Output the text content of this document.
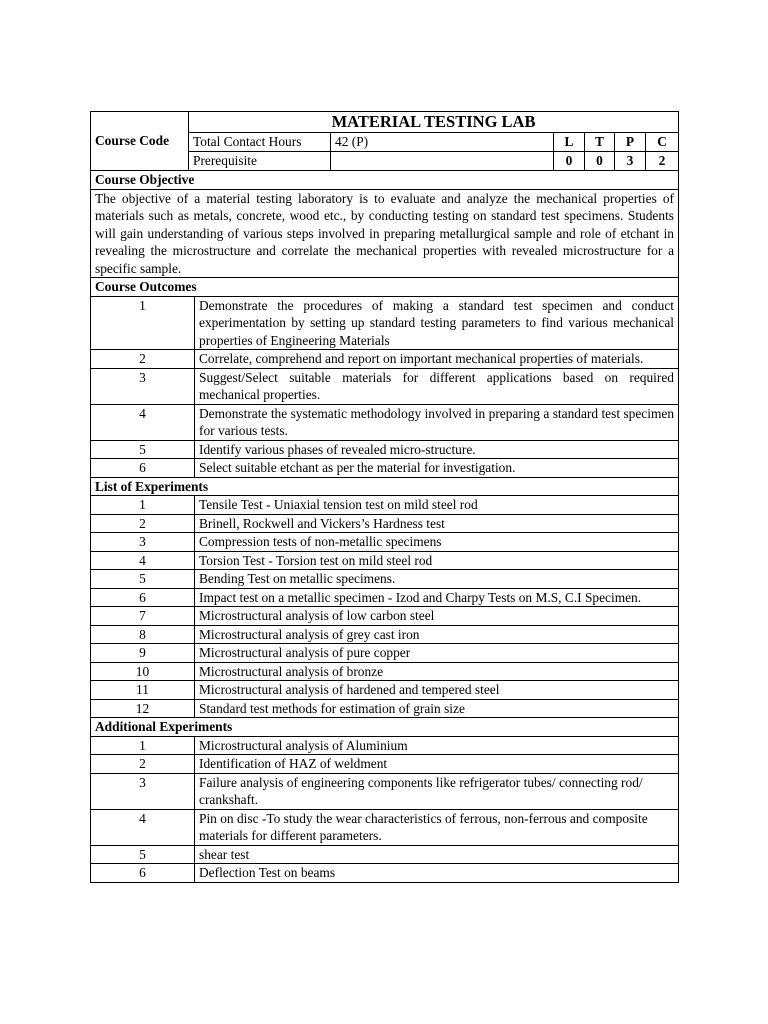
Course Code	MATERIAL TESTING LAB					
	Total Contact Hours	42 (P)	L	T	P	C
	Prerequisite		0	0	3	2
Course Objective	
The objective of a material testing laboratory is to evaluate and analyze the mechanical properties of materials such as metals, concrete, wood etc., by conducting testing on standard test specimens. Students will gain understanding of various steps involved in preparing metallurgical sample and role of etchant in revealing the microstructure and correlate the mechanical properties with revealed microstructure for a specific sample.	
Course Outcomes	
1	Demonstrate the procedures of making a standard test specimen and conduct experimentation by setting up standard testing parameters to find various mechanical properties of Engineering Materials
2	Correlate, comprehend and report on important mechanical properties of materials.
3	Suggest/Select suitable materials for different applications based on required mechanical properties.
4	Demonstrate the systematic methodology involved in preparing a standard test specimen for various tests.
5	Identify various phases of revealed micro-structure.
6	Select suitable etchant as per the material for investigation.
List of Experiments	
1	Tensile Test - Uniaxial tension test on mild steel rod
2	Brinell, Rockwell and Vickers’s Hardness test
3	Compression tests of non-metallic specimens
4	Torsion Test - Torsion test on mild steel rod
5	Bending Test on metallic specimens.
6	Impact test on a metallic specimen - Izod and Charpy Tests on M.S, C.I Specimen.
7	Microstructural analysis of low carbon steel
8	Microstructural analysis of grey cast iron
9	Microstructural analysis of pure copper
10	Microstructural analysis of bronze
11	Microstructural analysis of hardened and tempered steel
12	Standard test methods for estimation of grain size
Additional Experiments	
1	Microstructural analysis of Aluminium
2	Identification of HAZ of weldment
3	Failure analysis of engineering components like refrigerator tubes/ connecting rod/ crankshaft.
4	Pin on disc -To study the wear characteristics of ferrous, non-ferrous and composite materials for different parameters.
5	shear test
6	Deflection Test on beams
